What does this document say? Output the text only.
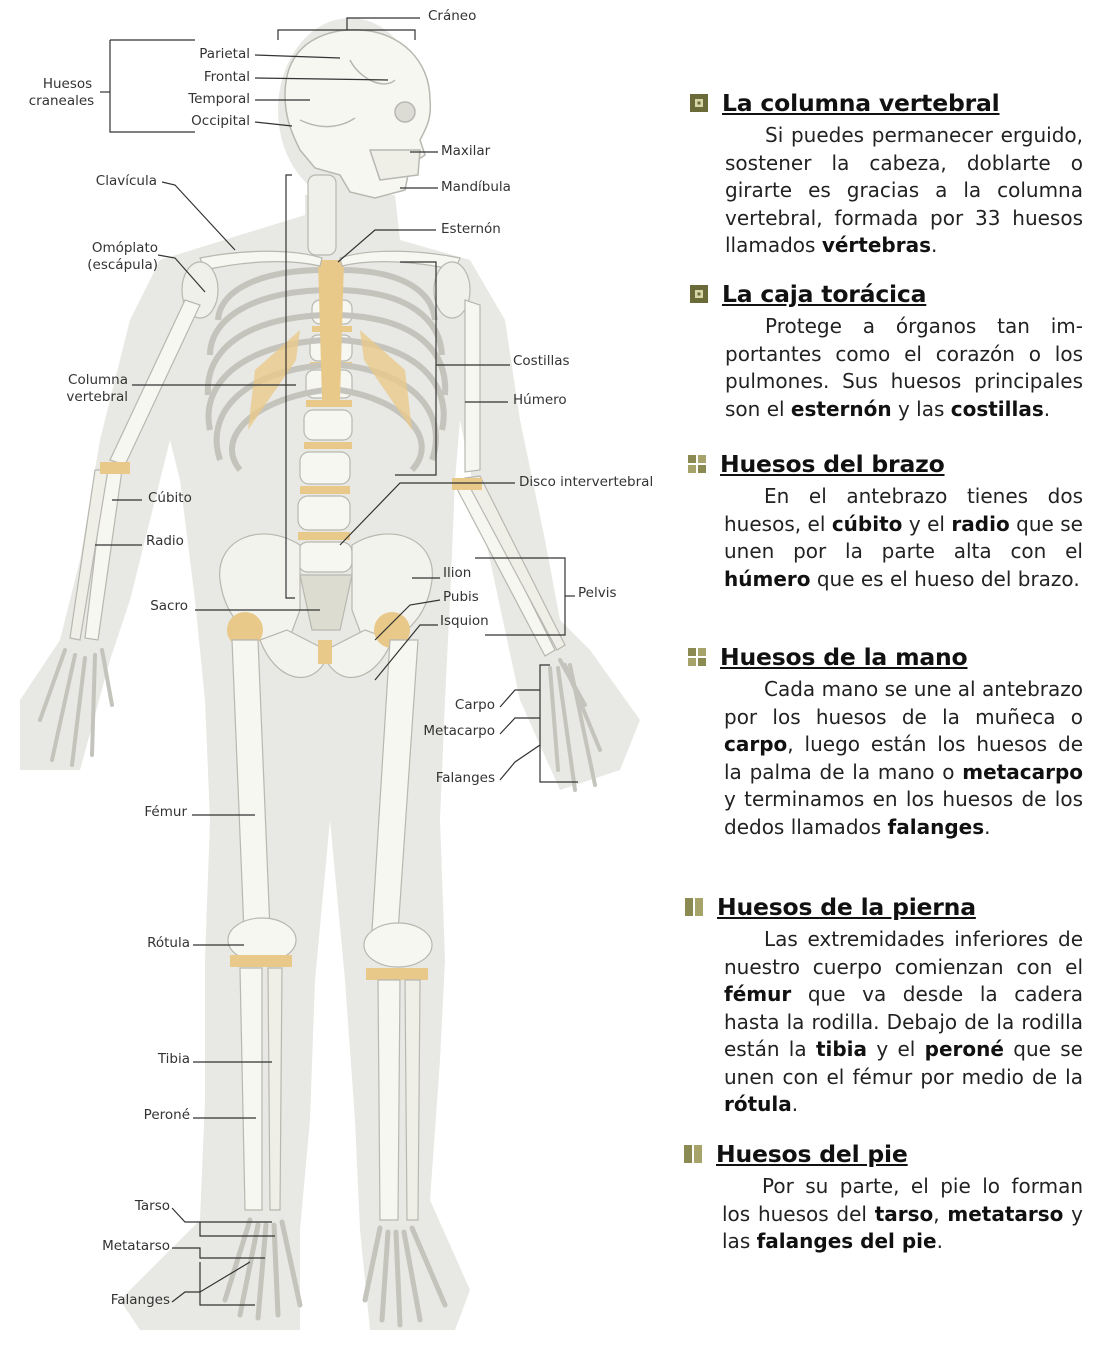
Cráneo
Huesos
craneales
Parietal
Frontal
Temporal
Occipital
Maxilar
Mandíbula
Clavícula
Esternón
Omóplato
(escápula)
Costillas
Columna
vertebral	Húmero
Disco intervertebral
Cúbito
Radio
Ilion
Pubis	Pelvis
Sacro
Isquion
Carpo
Metacarpo
Falanges
Fémur
Rótula
Tibia
Peroné
Tarso
Metatarso
Falanges
La columna vertebral
Si puedes permanecer erguido, sostener la cabeza, doblarte o girarte es gracias a la columna vertebral, formada por 33 huesos llamados vértebras.
La caja torácica
Protege a órganos tan im-portantes como el corazón o los pulmones. Sus huesos principales son el esternón y las costillas.
Huesos del brazo
En el antebrazo tienes dos huesos, el cúbito y el radio que se unen por la parte alta con el húmero que es el hueso del brazo.
Huesos de la mano
Cada mano se une al antebrazo por los huesos de la muñeca o carpo, luego están los huesos de la palma de la mano o metacarpo y terminamos en los huesos de los dedos llamados falanges.
Huesos de la pierna
Las extremidades inferiores de nuestro cuerpo comienzan con el fémur que va desde la cadera hasta la rodilla. Debajo de la rodilla están la tibia y el peroné que se unen con el fémur por medio de la rótula.
Huesos del pie
Por su parte, el pie lo forman los huesos del tarso, metatarso y las falanges del pie.
